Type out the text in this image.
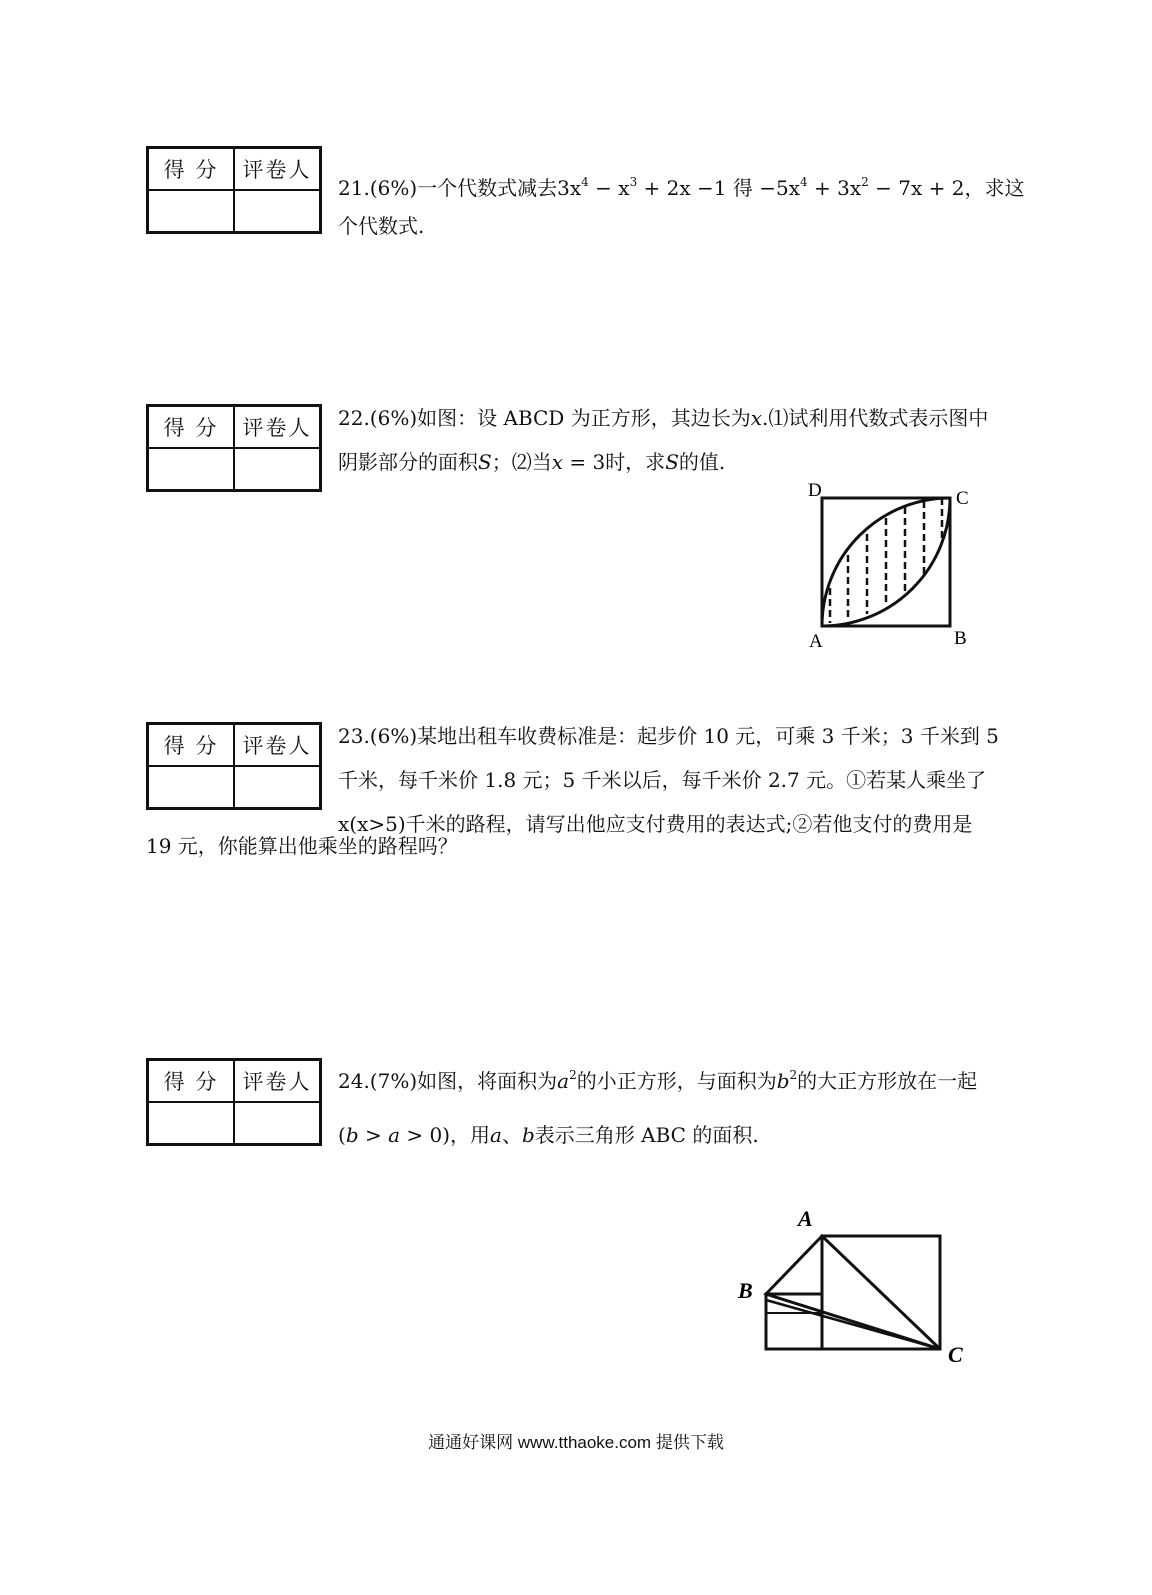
得 分	评卷人

21.(6%)一个代数式减去$3x^4 - x^3 + 2x -1$ 得 $-5x^4 + 3x^2 - 7x + 2$，求这
个代数式.
得 分	评卷人
	22.(6%)如图：设 ABCD 为正方形，其边长为x.⑴试利用代数式表示图中
阴影部分的面积S；⑵当x = 3时，求S的值.
D	C
A	B
得 分	评卷人
	23.(6%)某地出租车收费标准是：起步价 10 元，可乘 3 千米；3 千米到 5
千米，每千米价 1.8 元；5 千米以后，每千米价 2.7 元。①若某人乘坐了
x(x>5)千米的路程，请写出他应支付费用的表达式;②若他支付的费用是
19 元，你能算出他乘坐的路程吗？
得 分	评卷人
	24.(7%)如图，将面积为$a^2$的小正方形，与面积为$b^2$的大正方形放在一起
(b > a > 0)，用a、b表示三角形 ABC 的面积.
A
B
C
通通好课网 www.tthaoke.com 提供下载
